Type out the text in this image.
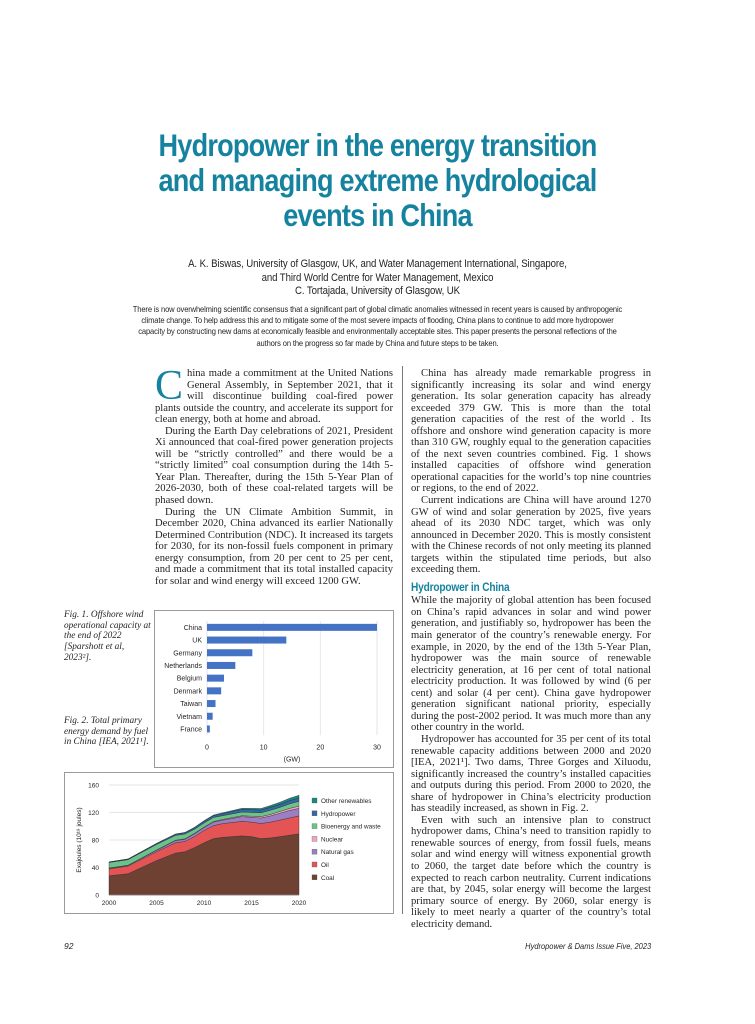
Hydropower in the energy transition
and managing extreme hydrological
events in China
A. K. Biswas, University of Glasgow, UK, and Water Management International, Singapore,
and Third World Centre for Water Management, Mexico
C. Tortajada, University of Glasgow, UK
There is now overwhelming scientific consensus that a significant part of global climatic anomalies witnessed in recent years is caused by anthropogenic climate change. To help address this and to mitigate some of the most severe impacts of flooding, China plans to continue to add more hydropower capacity by constructing new dams at economically feasible and environmentally acceptable sites. This paper presents the personal reflections of the authors on the progress so far made by China and future steps to be taken.

China made a commitment at the United Nations General Assembly, in September 2021, that it will discontinue building coal-fired power plants outside the country, and accelerate its support for clean energy, both at home and abroad.

During the Earth Day celebrations of 2021, President Xi announced that coal-fired power generation projects will be “strictly controlled” and there would be a “strictly limited” coal consumption during the 14th 5-Year Plan. Thereafter, during the 15th 5-Year Plan of 2026-2030, both of these coal-related targets will be phased down.

During the UN Climate Ambition Summit, in December 2020, China advanced its earlier Nationally Determined Contribution (NDC). It increased its targets for 2030, for its non-fossil fuels component in primary energy consumption, from 20 per cent to 25 per cent, and made a commitment that its total installed capacity for solar and wind energy will exceed 1200 GW.

China has already made remarkable progress in significantly increasing its solar and wind energy generation. Its solar generation capacity has already exceeded 379 GW. This is more than the total generation capacities of the rest of the world . Its offshore and onshore wind generation capacity is more than 310 GW, roughly equal to the generation capacities of the next seven countries combined. Fig. 1 shows installed capacities of offshore wind generation operational capacities for the world’s top nine countries or regions, to the end of 2022.

Current indications are China will have around 1270 GW of wind and solar generation by 2025, five years ahead of its 2030 NDC target, which was only announced in December 2020. This is mostly consistent with the Chinese records of not only meeting its planned targets within the stipulated time periods, but also exceeding them.

Hydropower in China

While the majority of global attention has been focused on China’s rapid advances in solar and wind power generation, and justifiably so, hydropower has been the main generator of the country’s renewable energy. For example, in 2020, by the end of the 13th 5-Year Plan, hydropower was the main source of renewable electricity generation, at 16 per cent of total national electricity production. It was followed by wind (6 per cent) and solar (4 per cent). China gave hydropower generation significant national priority, especially during the post-2002 period. It was much more than any other country in the world.

Hydropower has accounted for 35 per cent of its total renewable capacity additions between 2000 and 2020 [IEA, 2021¹]. Two dams, Three Gorges and Xiluodu, significantly increased the country’s installed capacities and outputs during this period. From 2000 to 2020, the share of hydropower in China’s electricity production has steadily increased, as shown in Fig. 2.

Even with such an intensive plan to construct hydropower dams, China’s need to transition rapidly to renewable sources of energy, from fossil fuels, means solar and wind energy will witness exponential growth to 2060, the target date before which the country is expected to reach carbon neutrality. Current indications are that, by 2045, solar energy will become the largest primary source of energy. By 2060, solar energy is likely to meet nearly a quarter of the country’s total electricity demand.

Fig. 1. Offshore wind operational capacity at the end of 2022 [Sparshott et al, 2023²].
Fig. 2. Total primary energy demand by fuel in China [IEA, 2021¹].
0	10	20	30
China
UK
Germany
Netherlands
Belgium
Denmark
Taiwan
Vietnam
France
(GW)
0
40
80
120
160
2000	2005	2010	2015	2020
Exajoules (10¹⁸ joules)
Other renewables
Hydropower
Bioenergy and waste
Nuclear
Natural gas
Oil
Coal
92	Hydropower & Dams Issue Five, 2023
